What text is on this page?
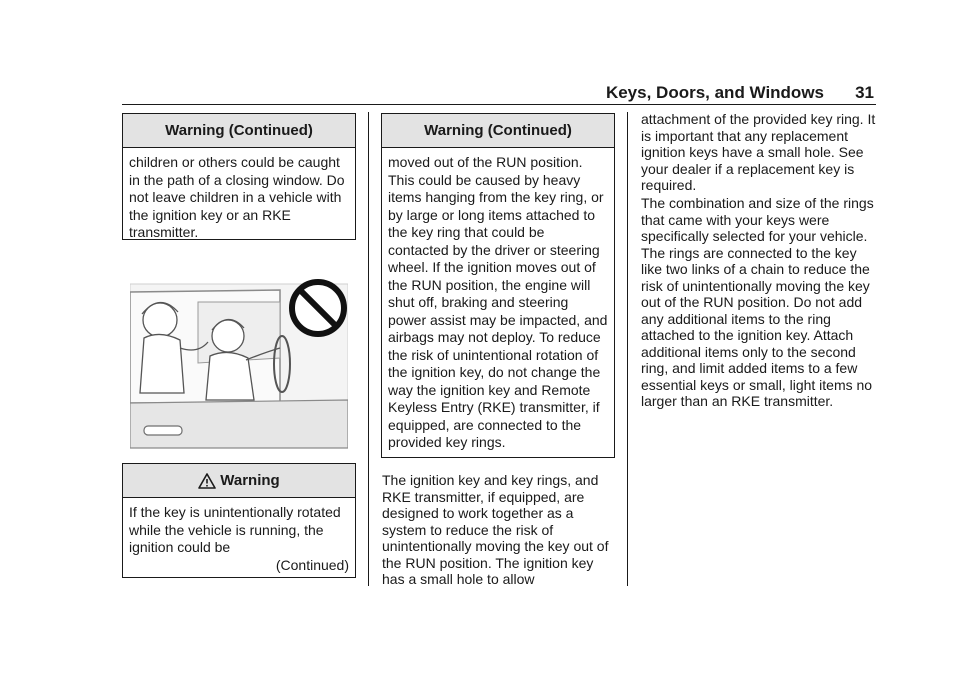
Keys, Doors, and Windows 31
Warning (Continued)
children or others could be caught in the path of a closing window. Do not leave children in a vehicle with the ignition key or an RKE transmitter.
Warning
If the key is unintentionally rotated while the vehicle is running, the ignition could be
(Continued)
Warning (Continued)
moved out of the RUN position. This could be caused by heavy items hanging from the key ring, or by large or long items attached to the key ring that could be contacted by the driver or steering wheel. If the ignition moves out of the RUN position, the engine will shut off, braking and steering power assist may be impacted, and airbags may not deploy. To reduce the risk of unintentional rotation of the ignition key, do not change the way the ignition key and Remote Keyless Entry (RKE) transmitter, if equipped, are connected to the provided key rings.
The ignition key and key rings, and RKE transmitter, if equipped, are designed to work together as a system to reduce the risk of unintentionally moving the key out of the RUN position. The ignition key has a small hole to allow
attachment of the provided key ring. It is important that any replacement ignition keys have a small hole. See your dealer if a replacement key is required.
The combination and size of the rings that came with your keys were specifically selected for your vehicle. The rings are connected to the key like two links of a chain to reduce the risk of unintentionally moving the key out of the RUN position. Do not add any additional items to the ring attached to the ignition key. Attach additional items only to the second ring, and limit added items to a few essential keys or small, light items no larger than an RKE transmitter.
